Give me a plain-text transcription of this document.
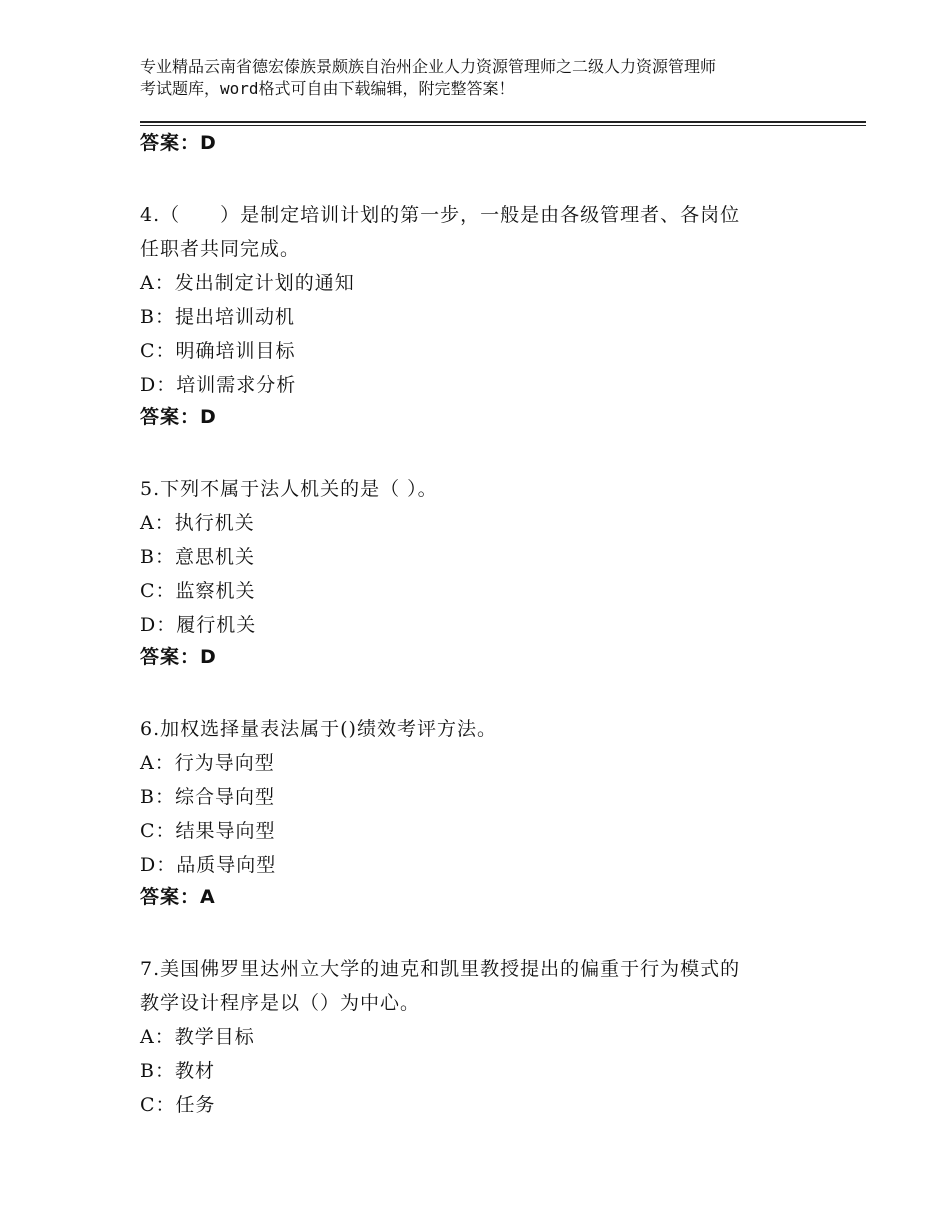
专业精品云南省德宏傣族景颇族自治州企业人力资源管理师之二级人力资源管理师
考试题库，word格式可自由下载编辑，附完整答案！
答案：D
4.（　　）是制定培训计划的第一步，一般是由各级管理者、各岗位
任职者共同完成。
A：发出制定计划的通知
B：提出培训动机
C：明确培训目标
D：培训需求分析
答案：D
5.下列不属于法人机关的是（ ）。
A：执行机关
B：意思机关
C：监察机关
D：履行机关
答案：D
6.加权选择量表法属于()绩效考评方法。
A：行为导向型
B：综合导向型
C：结果导向型
D：品质导向型
答案：A
7.美国佛罗里达州立大学的迪克和凯里教授提出的偏重于行为模式的
教学设计程序是以（）为中心。
A：教学目标
B：教材
C：任务
